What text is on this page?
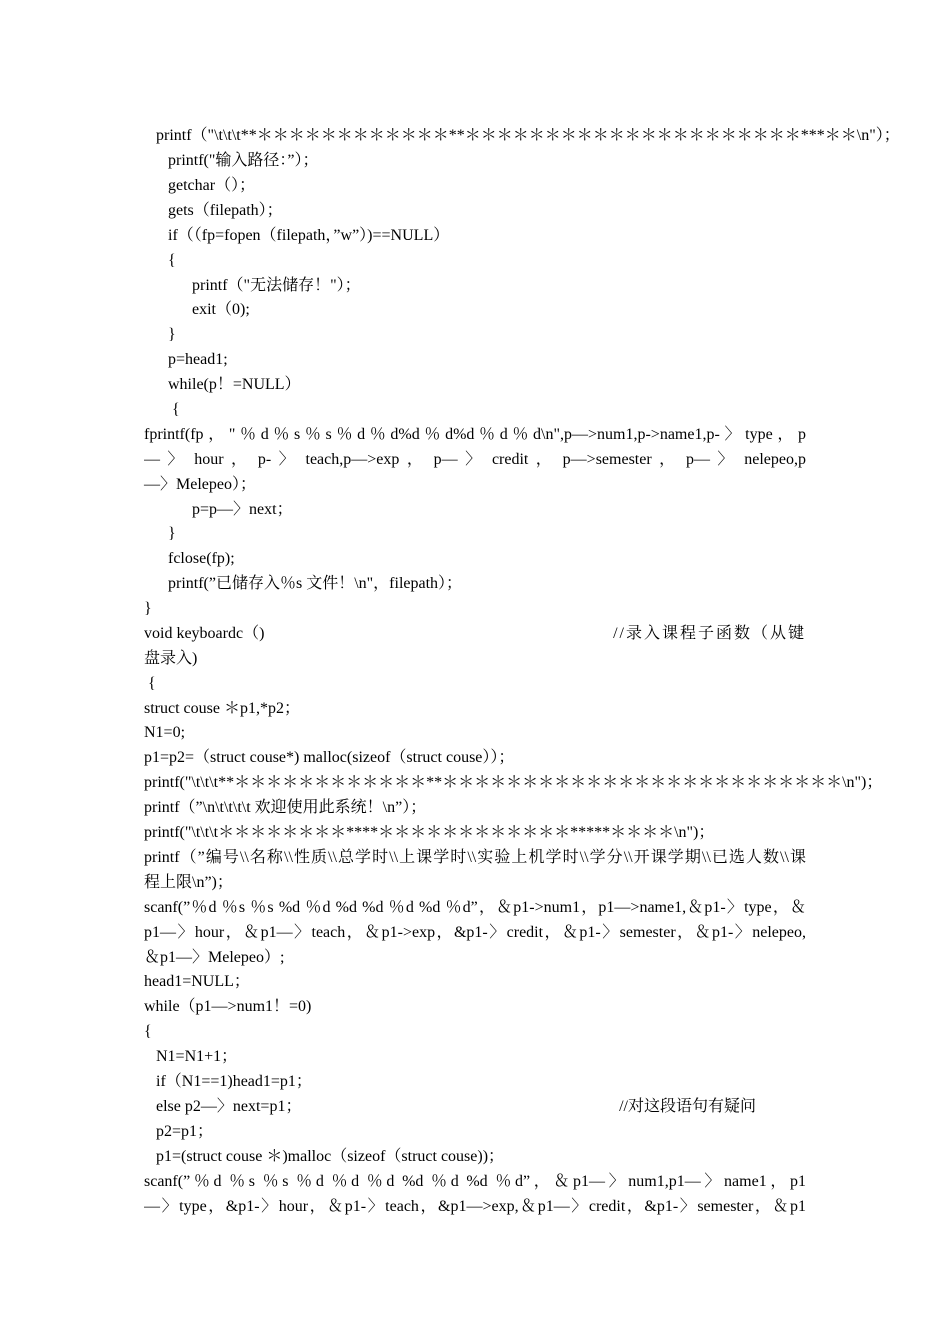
printf（"\t\t\t**＊＊＊＊＊＊＊＊＊＊＊＊**＊＊＊＊＊＊＊＊＊＊＊＊＊＊＊＊＊＊＊＊＊***＊＊\n"）；
printf("输入路径：”）；
getchar（）；
gets（filepath）；
if（（fp=fopen（filepath，”w”）)==NULL）
{
printf（"无法储存！"）；
exit（0);
}
p=head1;
while(p！=NULL）
{
fprintf(fp，"％d％s％s％d％d%d％d%d％d％d\n",p—>num1,p->name1,p-〉type，p
— 〉 hour ， p- 〉 teach,p—>exp ， p— 〉 credit ， p—>semester ， p— 〉 nelepeo,p
—〉Melepeo）；
p=p—〉next；
}
fclose(fp);
printf(”已储存入％s 文件！\n"，filepath）；
}
void keyboardc（)	//录入课程子函数（从键
盘录入)
{
struct couse ＊p1,*p2；
N1=0;
p1=p2=（struct couse*) malloc(sizeof（struct couse））；
printf("\t\t\t**＊＊＊＊＊＊＊＊＊＊＊＊**＊＊＊＊＊＊＊＊＊＊＊＊＊＊＊＊＊＊＊＊＊＊＊＊＊\n")；
printf（”\n\t\t\t\t 欢迎使用此系统！\n”）；
printf("\t\t\t＊＊＊＊＊＊＊＊****＊＊＊＊＊＊＊＊＊＊＊＊*****＊＊＊＊\n")；
printf（”编号\\名称\\性质\\总学时\\上课学时\\实验上机学时\\学分\\开课学期\\已选人数\\课
程上限\n”)；
scanf(”％d ％s ％s %d ％d %d %d ％d %d ％d”，＆p1->num1，p1—>name1,＆p1-〉type，＆
p1—〉hour，＆p1—〉teach，＆p1->exp，&p1-〉credit，＆p1-〉semester，＆p1-〉nelepeo,
＆p1—〉Melepeo）;
head1=NULL；
while（p1—>num1！=0)
{
N1=N1+1；
if（N1==1)head1=p1；
else p2—〉next=p1；	//对这段语句有疑问
p2=p1；
p1=(struct couse ＊)malloc（sizeof（struct couse))；
scanf(”％d ％s ％s ％d ％d ％d %d ％d %d ％d”，＆p1—〉num1,p1—〉name1，p1
—〉type，&p1-〉hour，＆p1-〉teach，&p1—>exp,＆p1—〉credit，&p1-〉semester，＆p1
